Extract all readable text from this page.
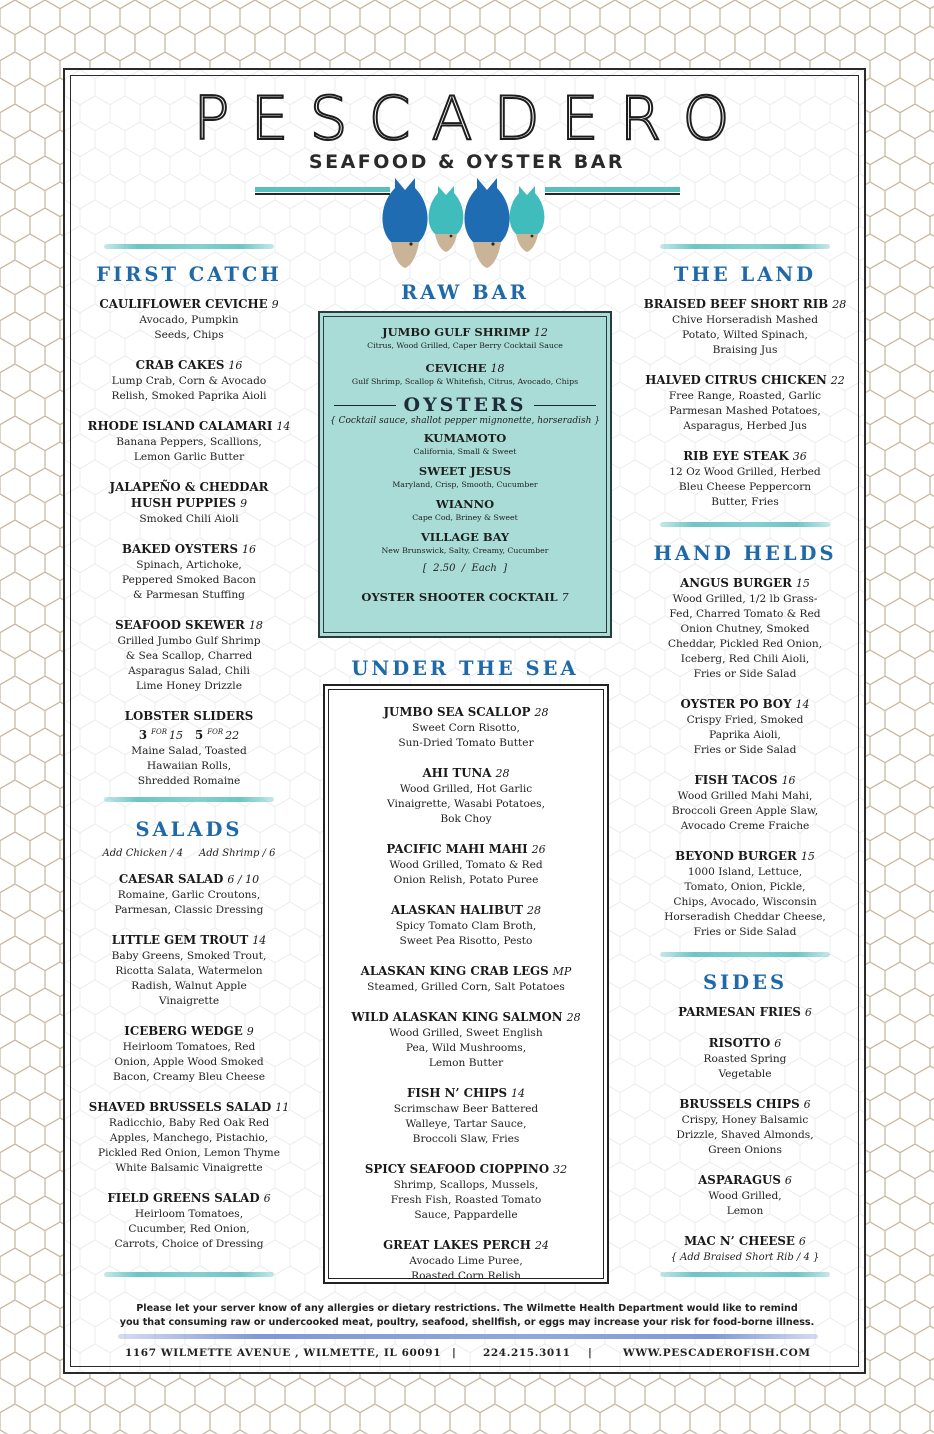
PESCADERO
SEAFOOD & OYSTER BAR
FIRST CATCH
CAULIFLOWER CEVICHE 9
Avocado, Pumpkin
Seeds, Chips
CRAB CAKES 16
Lump Crab, Corn & Avocado
Relish, Smoked Paprika Aioli
RHODE ISLAND CALAMARI 14
Banana Peppers, Scallions,
Lemon Garlic Butter
JALAPEÑO & CHEDDAR
HUSH PUPPIES 9
Smoked Chili Aioli
BAKED OYSTERS 16
Spinach, Artichoke,
Peppered Smoked Bacon
& Parmesan Stuffing
SEAFOOD SKEWER 18
Grilled Jumbo Gulf Shrimp
& Sea Scallop, Charred
Asparagus Salad, Chili
Lime Honey Drizzle
LOBSTER SLIDERS
3 $^{FOR}$ 15 5 $^{FOR}$ 22
Maine Salad, Toasted
Hawaiian Rolls,
Shredded Romaine
SALADS
Add Chicken / 4     Add Shrimp / 6
CAESAR SALAD 6 / 10
Romaine, Garlic Croutons,
Parmesan, Classic Dressing
LITTLE GEM TROUT 14
Baby Greens, Smoked Trout,
Ricotta Salata, Watermelon
Radish, Walnut Apple
Vinaigrette
ICEBERG WEDGE 9
Heirloom Tomatoes, Red
Onion, Apple Wood Smoked
Bacon, Creamy Bleu Cheese
SHAVED BRUSSELS SALAD 11
Radicchio, Baby Red Oak Red
Apples, Manchego, Pistachio,
Pickled Red Onion, Lemon Thyme
White Balsamic Vinaigrette
FIELD GREENS SALAD 6
Heirloom Tomatoes,
Cucumber, Red Onion,
Carrots, Choice of Dressing
RAW BAR
JUMBO GULF SHRIMP 12
Citrus, Wood Grilled, Caper Berry Cocktail Sauce
CEVICHE 18
Gulf Shrimp, Scallop & Whitefish, Citrus, Avocado, Chips
OYSTERS
{ Cocktail sauce, shallot pepper mignonette, horseradish }
KUMAMOTO
California, Small & Sweet
SWEET JESUS
Maryland, Crisp, Smooth, Cucumber
WIANNO
Cape Cod, Briney & Sweet
VILLAGE BAY
New Brunswick, Salty, Creamy, Cucumber
[  2.50  /  Each  ]
OYSTER SHOOTER COCKTAIL 7
UNDER THE SEA
JUMBO SEA SCALLOP 28
Sweet Corn Risotto,
Sun-Dried Tomato Butter
AHI TUNA 28
Wood Grilled, Hot Garlic
Vinaigrette, Wasabi Potatoes,
Bok Choy
PACIFIC MAHI MAHI 26
Wood Grilled, Tomato & Red
Onion Relish, Potato Puree
ALASKAN HALIBUT 28
Spicy Tomato Clam Broth,
Sweet Pea Risotto, Pesto
ALASKAN KING CRAB LEGS MP
Steamed, Grilled Corn, Salt Potatoes
WILD ALASKAN KING SALMON 28
Wood Grilled, Sweet English
Pea, Wild Mushrooms,
Lemon Butter
FISH N’ CHIPS 14
Scrimschaw Beer Battered
Walleye, Tartar Sauce,
Broccoli Slaw, Fries
SPICY SEAFOOD CIOPPINO 32
Shrimp, Scallops, Mussels,
Fresh Fish, Roasted Tomato
Sauce, Pappardelle
GREAT LAKES PERCH 24
Avocado Lime Puree,
Roasted Corn Relish
THE LAND
BRAISED BEEF SHORT RIB 28
Chive Horseradish Mashed
Potato, Wilted Spinach,
Braising Jus
HALVED CITRUS CHICKEN 22
Free Range, Roasted, Garlic
Parmesan Mashed Potatoes,
Asparagus, Herbed Jus
RIB EYE STEAK 36
12 Oz Wood Grilled, Herbed
Bleu Cheese Peppercorn
Butter, Fries
HAND HELDS
ANGUS BURGER 15
Wood Grilled, 1/2 lb Grass-
Fed, Charred Tomato & Red
Onion Chutney, Smoked
Cheddar, Pickled Red Onion,
Iceberg, Red Chili Aioli,
Fries or Side Salad
OYSTER PO BOY 14
Crispy Fried, Smoked
Paprika Aioli,
Fries or Side Salad
FISH TACOS 16
Wood Grilled Mahi Mahi,
Broccoli Green Apple Slaw,
Avocado Creme Fraiche
BEYOND BURGER 15
1000 Island, Lettuce,
Tomato, Onion, Pickle,
Chips, Avocado, Wisconsin
Horseradish Cheddar Cheese,
Fries or Side Salad
SIDES
PARMESAN FRIES 6
RISOTTO 6
Roasted Spring
Vegetable
BRUSSELS CHIPS 6
Crispy, Honey Balsamic
Drizzle, Shaved Almonds,
Green Onions
ASPARAGUS 6
Wood Grilled,
Lemon
MAC N’ CHEESE 6
{ Add Braised Short Rib / 4 }
Please let your server know of any allergies or dietary restrictions. The Wilmette Health Department would like to remind
you that consuming raw or undercooked meat, poultry, seafood, shellfish, or eggs may increase your risk for food-borne illness.
1167 WILMETTE AVENUE , WILMETTE, IL 60091 |	224.215.3011 |	WWW.PESCADEROFISH.COM
